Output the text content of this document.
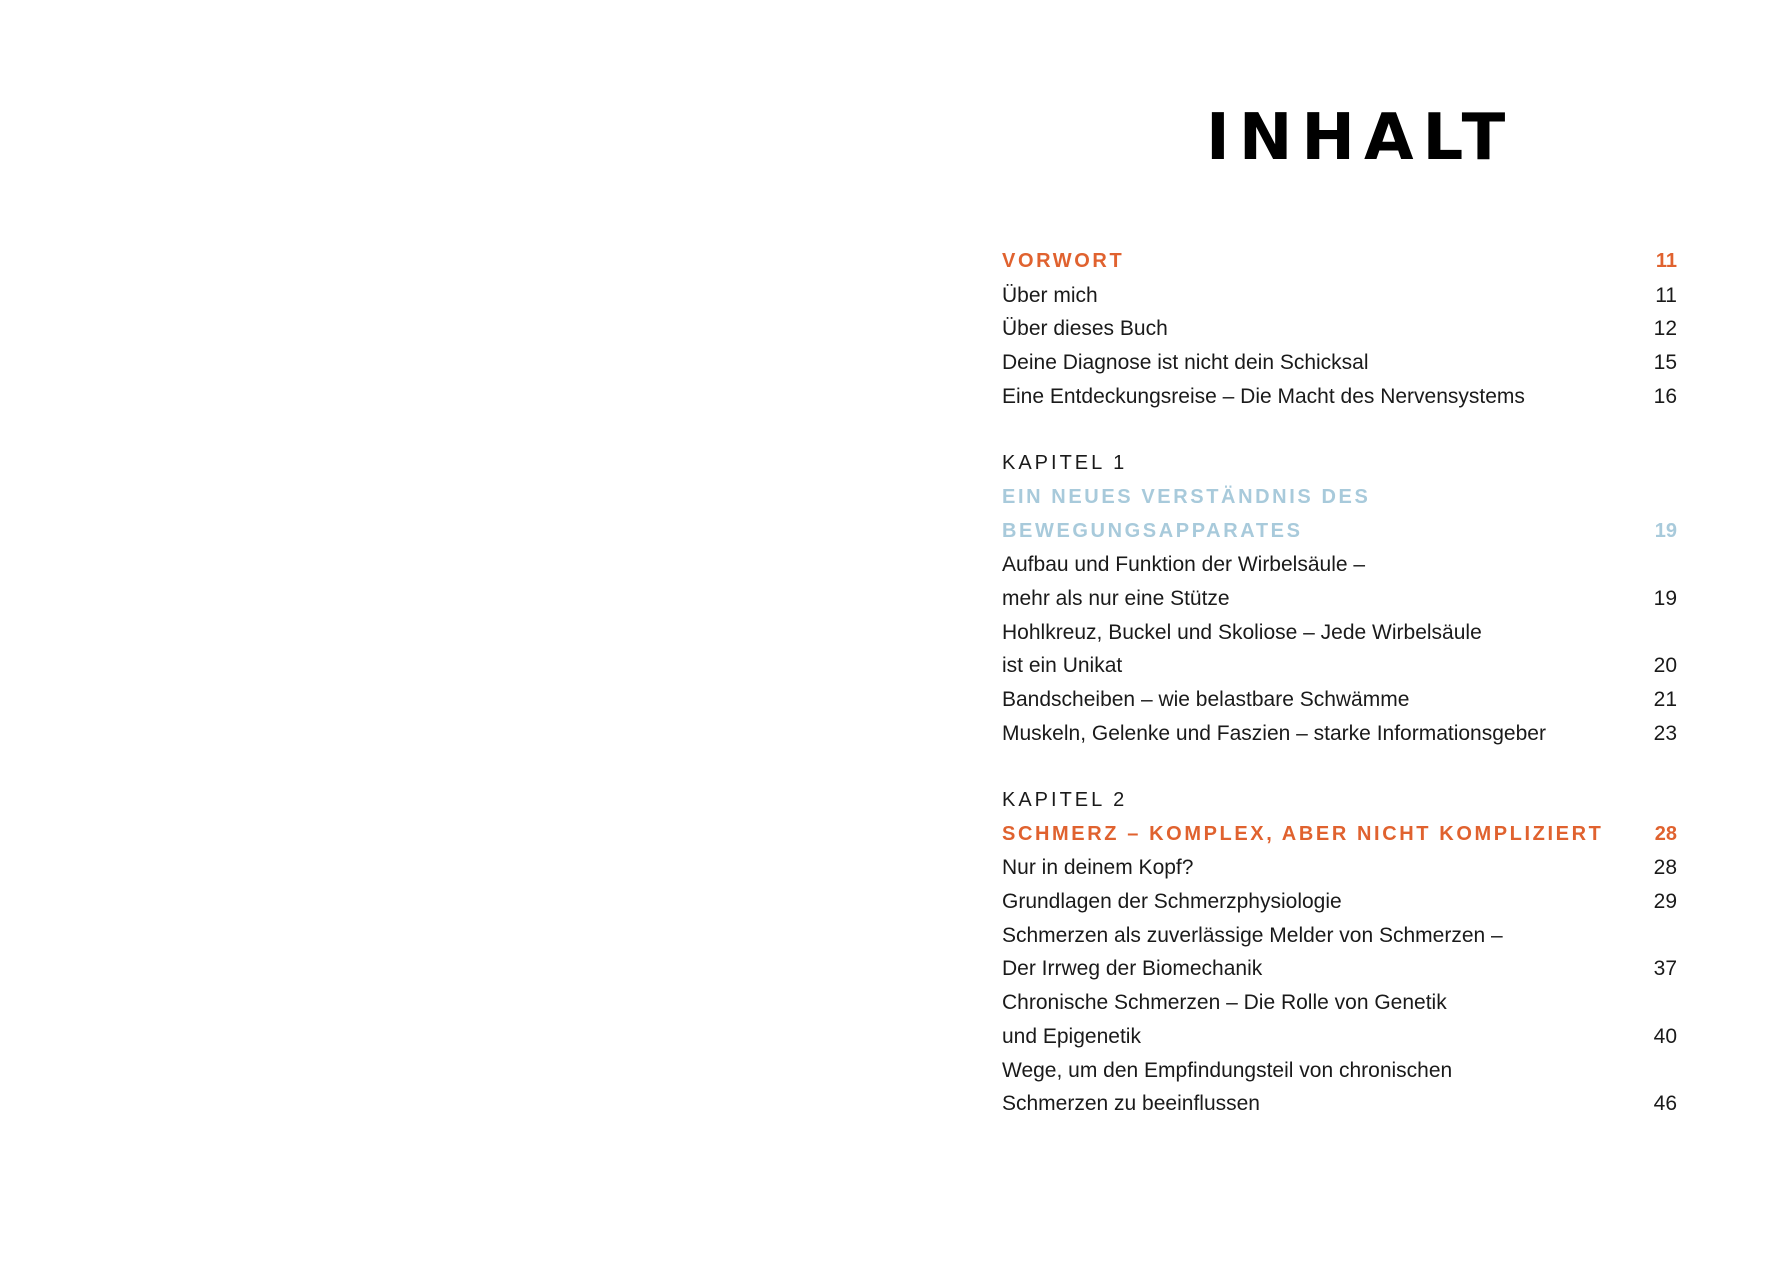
INHALT
VORWORT	11
Über mich	11
Über dieses Buch	12
Deine Diagnose ist nicht dein Schicksal	15
Eine Entdeckungsreise – Die Macht des Nervensystems	16
KAPITEL 1
EIN NEUES VERSTÄNDNIS DES
BEWEGUNGSAPPARATES	19
Aufbau und Funktion der Wirbelsäule –
mehr als nur eine Stütze	19
Hohlkreuz, Buckel und Skoliose – Jede Wirbelsäule
ist ein Unikat	20
Bandscheiben – wie belastbare Schwämme	21
Muskeln, Gelenke und Faszien – starke Informationsgeber	23
KAPITEL 2
SCHMERZ – KOMPLEX, ABER NICHT KOMPLIZIERT	28
Nur in deinem Kopf?	28
Grundlagen der Schmerzphysiologie	29
Schmerzen als zuverlässige Melder von Schmerzen –
Der Irrweg der Biomechanik	37
Chronische Schmerzen – Die Rolle von Genetik
und Epigenetik	40
Wege, um den Empfindungsteil von chronischen
Schmerzen zu beeinflussen	46
